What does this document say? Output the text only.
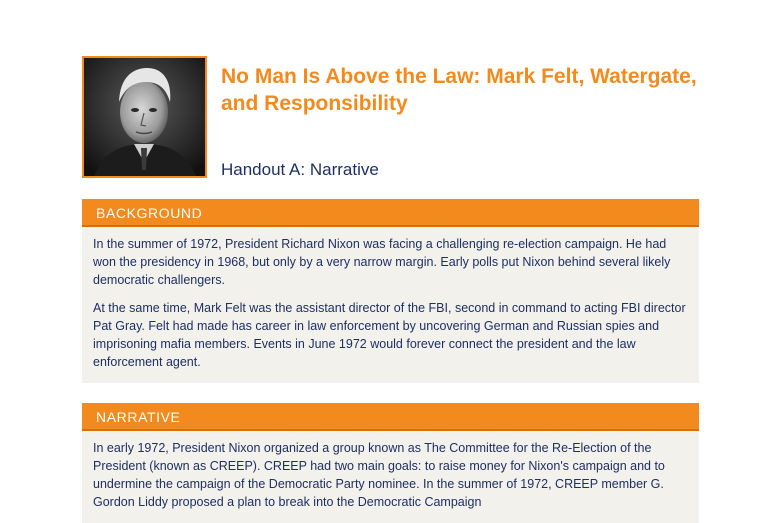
No Man Is Above the Law: Mark Felt, Watergate, and Responsibility
Handout A: Narrative
BACKGROUND

In the summer of 1972, President Richard Nixon was facing a challenging re-election campaign. He had won the presidency in 1968, but only by a very narrow margin. Early polls put Nixon behind several likely democratic challengers.

At the same time, Mark Felt was the assistant director of the FBI, second in command to acting FBI director Pat Gray. Felt had made has career in law enforcement by uncovering German and Russian spies and imprisoning mafia members. Events in June 1972 would forever connect the president and the law enforcement agent.

NARRATIVE

In early 1972, President Nixon organized a group known as The Committee for the Re-Election of the President (known as CREEP). CREEP had two main goals: to raise money for Nixon's campaign and to undermine the campaign of the Democratic Party nominee. In the summer of 1972, CREEP member G. Gordon Liddy proposed a plan to break into the Democratic Campaign
